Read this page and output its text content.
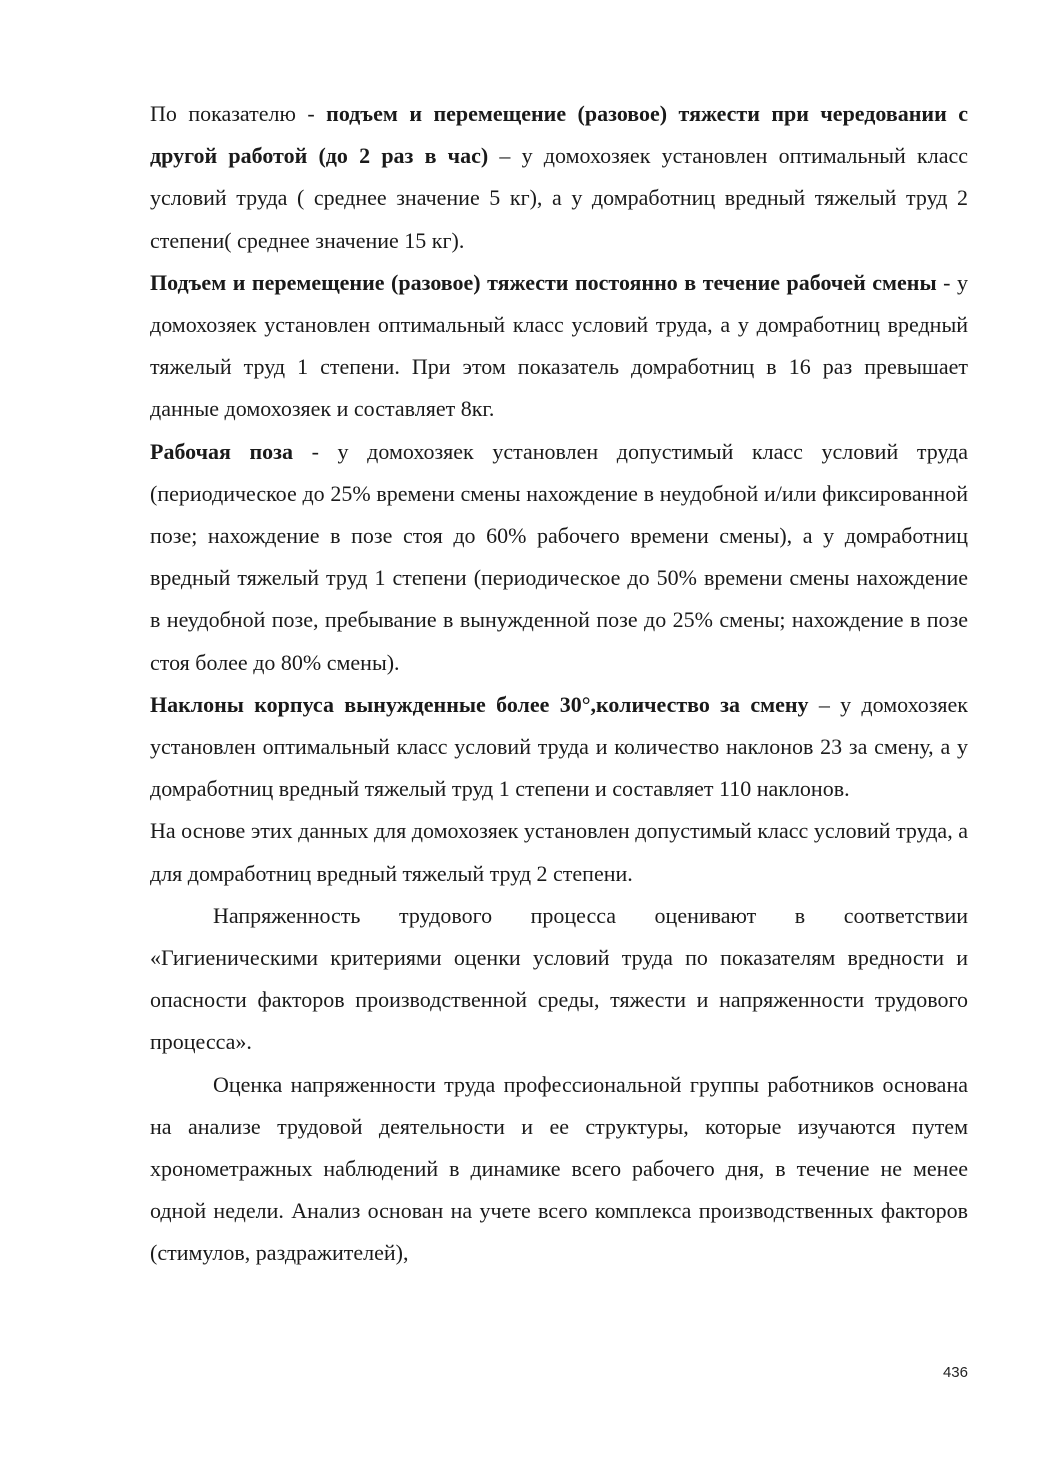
По показателю - подъем и перемещение (разовое) тяжести при чередовании с другой работой (до 2 раз в час) – у домохозяек установлен оптимальный класс условий труда ( среднее значение 5 кг), а у домработниц вредный тяжелый труд 2 степени( среднее значение 15 кг).

Подъем и перемещение (разовое) тяжести постоянно в течение рабочей смены - у домохозяек установлен оптимальный класс условий труда, а у домработниц вредный тяжелый труд 1 степени. При этом показатель домработниц в 16 раз превышает данные домохозяек и составляет 8кг.

Рабочая поза - у домохозяек установлен допустимый класс условий труда (периодическое до 25% времени смены нахождение в неудобной и/или фиксированной позе; нахождение в позе стоя до 60% рабочего времени смены), а у домработниц вредный тяжелый труд 1 степени (периодическое до 50% времени смены нахождение в неудобной позе, пребывание в вынужденной позе до 25% смены; нахождение в позе стоя более до 80% смены).

Наклоны корпуса вынужденные более 30°,количество за смену – у домохозяек установлен оптимальный класс условий труда и количество наклонов 23 за смену, а у домработниц вредный тяжелый труд 1 степени и составляет 110 наклонов.

На основе этих данных для домохозяек установлен допустимый класс условий труда, а для домработниц вредный тяжелый труд 2 степени.

Напряженность трудового процесса оценивают в соответствии «Гигиеническими критериями оценки условий труда по показателям вредности и опасности факторов производственной среды, тяжести и напряженности трудового процесса».

Оценка напряженности труда профессиональной группы работников основана на анализе трудовой деятельности и ее структуры, которые изучаются путем хронометражных наблюдений в динамике всего рабочего дня, в течение не менее одной недели. Анализ основан на учете всего комплекса производственных факторов (стимулов, раздражителей),

436
